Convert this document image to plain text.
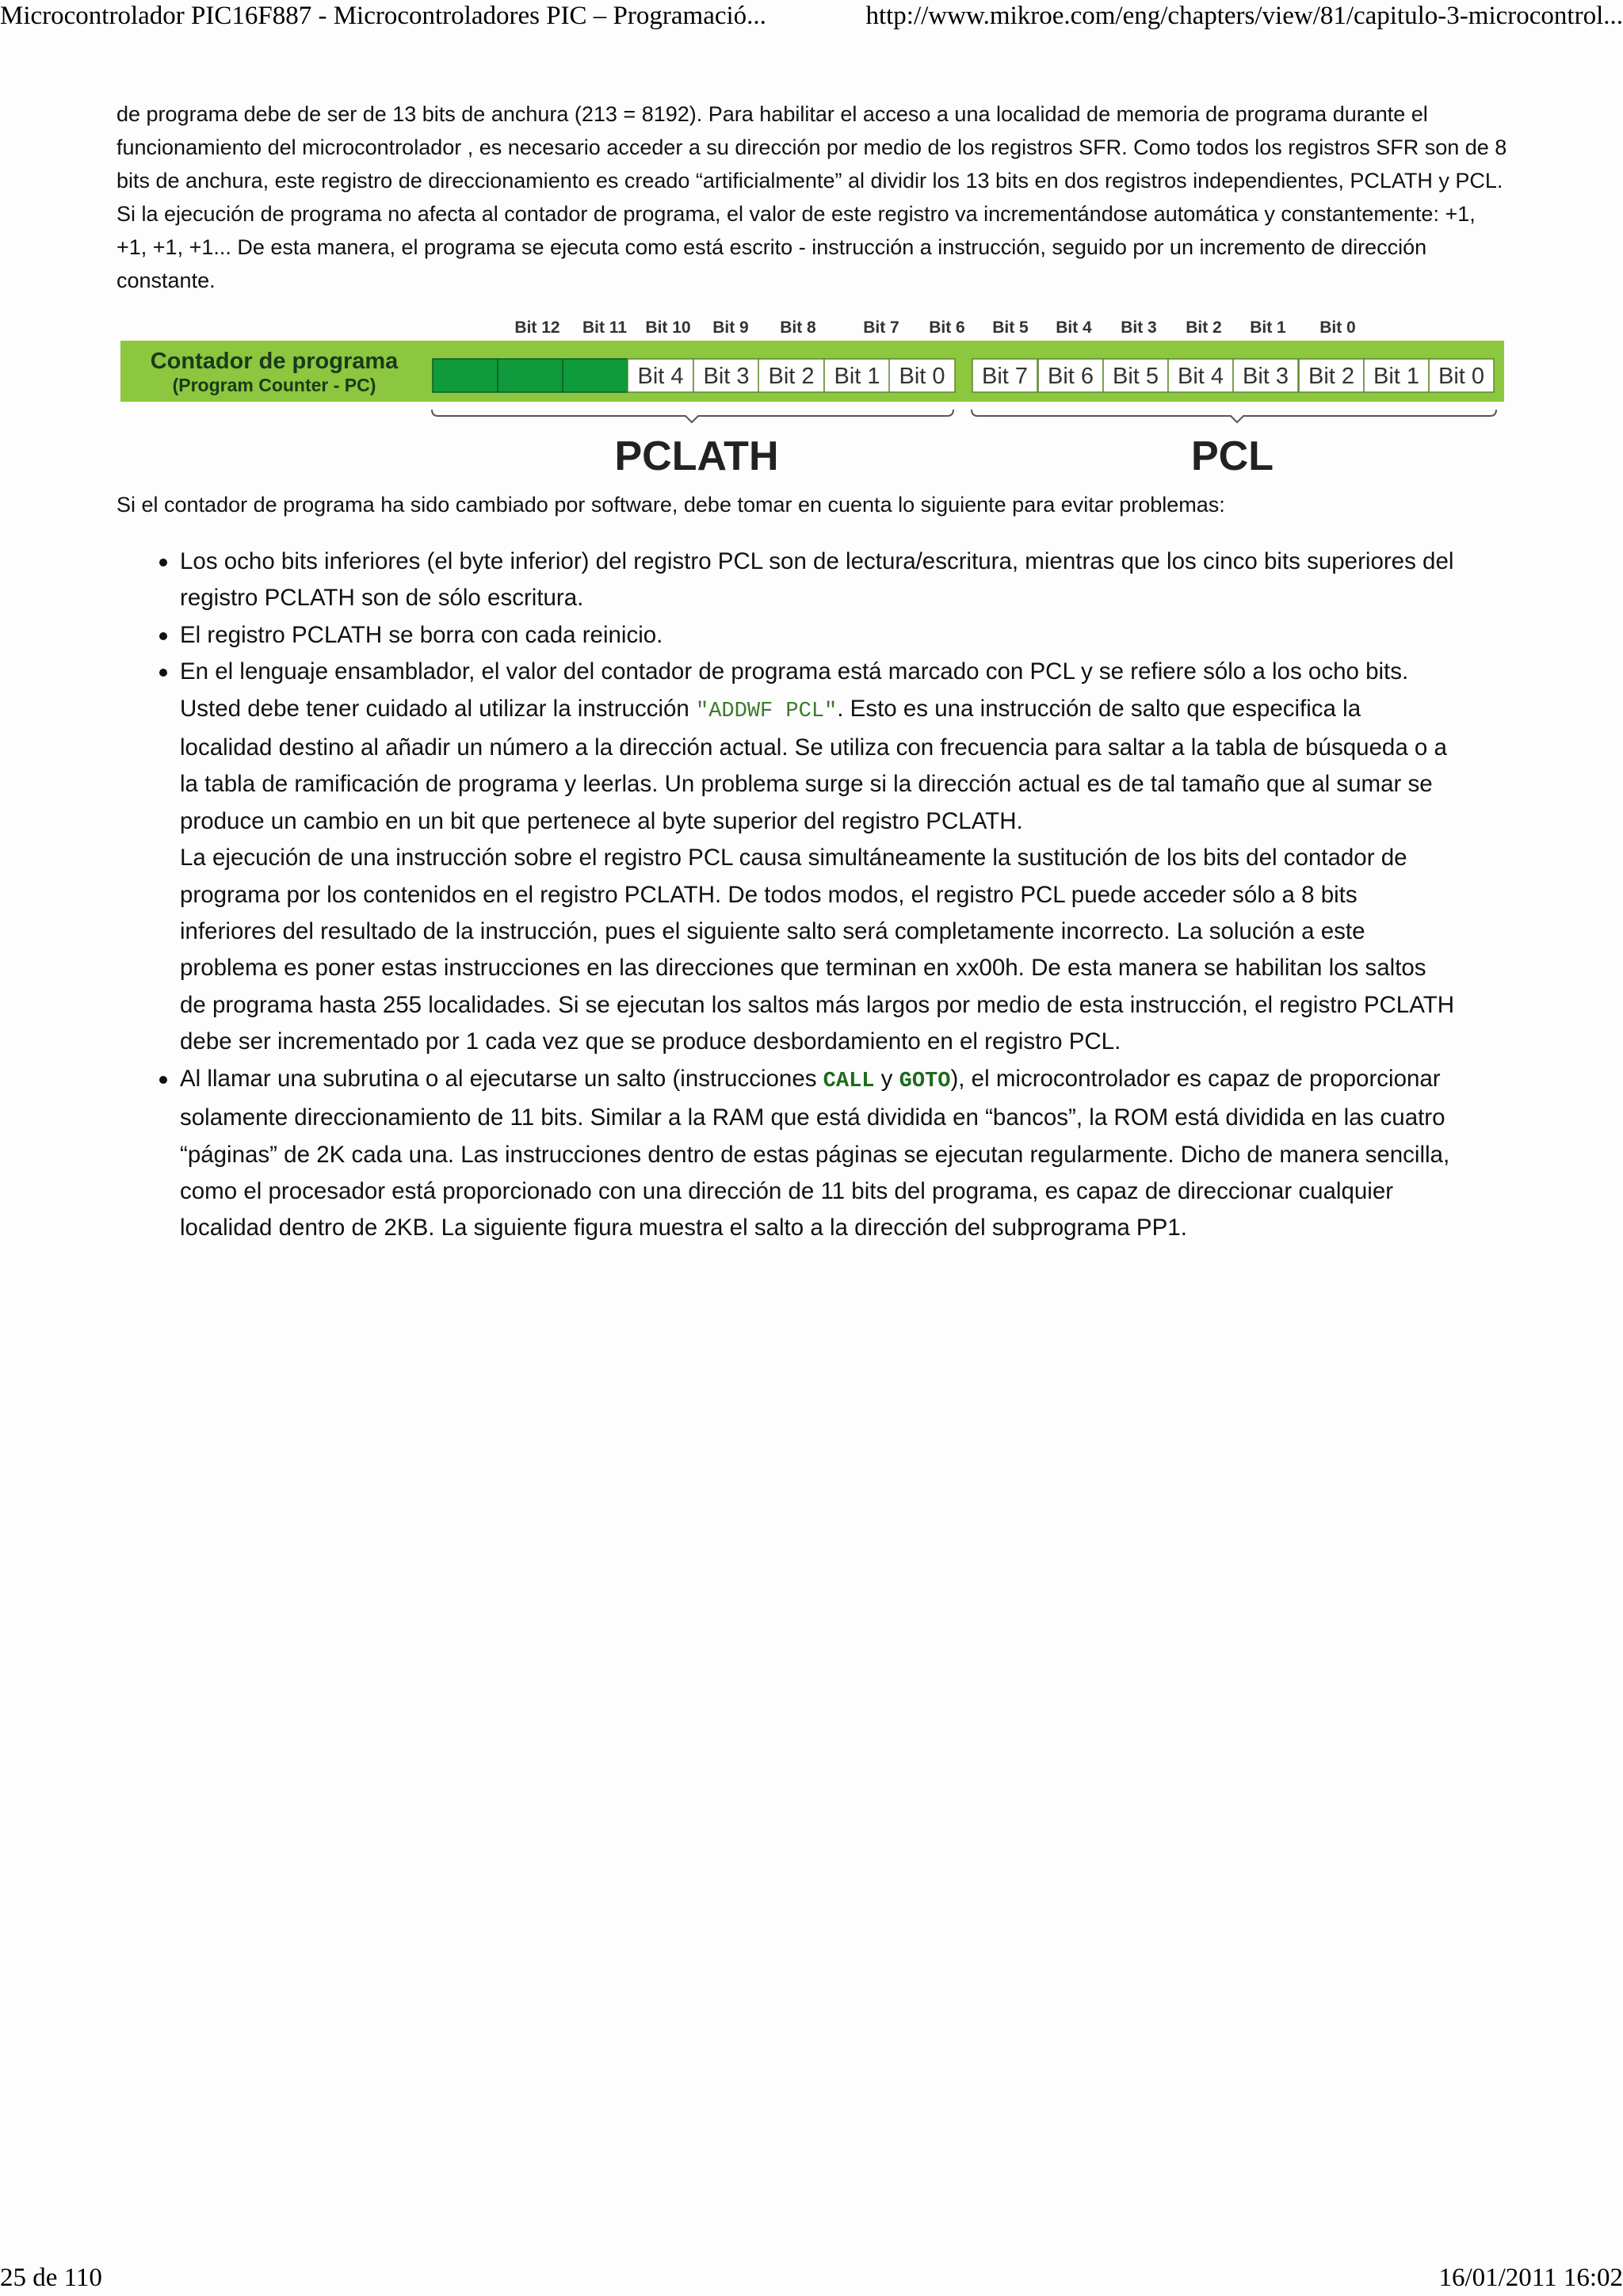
Microcontrolador PIC16F887 - Microcontroladores PIC – Programació...	http://www.mikroe.com/eng/chapters/view/81/capitulo-3-microcontrol...

de programa debe de ser de 13 bits de anchura (213 = 8192). Para habilitar el acceso a una localidad de memoria de programa durante el funcionamiento del microcontrolador , es necesario acceder a su dirección por medio de los registros SFR. Como todos los registros SFR son de 8 bits de anchura, este registro de direccionamiento es creado “artificialmente” al dividir los 13 bits en dos registros independientes, PCLATH y PCL. Si la ejecución de programa no afecta al contador de programa, el valor de este registro va incrementándose automática y constantemente: +1, +1, +1, +1... De esta manera, el programa se ejecuta como está escrito - instrucción a instrucción, seguido por un incremento de dirección constante.

Contador de programa
(Program Counter - PC)
Bit 12 Bit 11 Bit 10 Bit 9 Bit 8	Bit 7 Bit 6 Bit 5 Bit 4 Bit 3 Bit 2 Bit 1 Bit 0
Bit 4 Bit 3 Bit 2 Bit 1 Bit 0 Bit 7 Bit 6 Bit 5 Bit 4 Bit 3 Bit 2 Bit 1 Bit 0
PCLATH	PCL

Si el contador de programa ha sido cambiado por software, debe tomar en cuenta lo siguiente para evitar problemas:

Los ocho bits inferiores (el byte inferior) del registro PCL son de lectura/escritura, mientras que los cinco bits superiores del registro PCLATH son de sólo escritura.
El registro PCLATH se borra con cada reinicio.
En el lenguaje ensamblador, el valor del contador de programa está marcado con PCL y se refiere sólo a los ocho bits. Usted debe tener cuidado al utilizar la instrucción "ADDWF PCL". Esto es una instrucción de salto que especifica la localidad destino al añadir un número a la dirección actual. Se utiliza con frecuencia para saltar a la tabla de búsqueda o a la tabla de ramificación de programa y leerlas. Un problema surge si la dirección actual es de tal tamaño que al sumar se produce un cambio en un bit que pertenece al byte superior del registro PCLATH.
La ejecución de una instrucción sobre el registro PCL causa simultáneamente la sustitución de los bits del contador de programa por los contenidos en el registro PCLATH. De todos modos, el registro PCL puede acceder sólo a 8 bits inferiores del resultado de la instrucción, pues el siguiente salto será completamente incorrecto. La solución a este problema es poner estas instrucciones en las direcciones que terminan en xx00h. De esta manera se habilitan los saltos de programa hasta 255 localidades. Si se ejecutan los saltos más largos por medio de esta instrucción, el registro PCLATH debe ser incrementado por 1 cada vez que se produce desbordamiento en el registro PCL.
Al llamar una subrutina o al ejecutarse un salto (instrucciones CALL y GOTO), el microcontrolador es capaz de proporcionar solamente direccionamiento de 11 bits. Similar a la RAM que está dividida en “bancos”, la ROM está dividida en las cuatro “páginas” de 2K cada una. Las instrucciones dentro de estas páginas se ejecutan regularmente. Dicho de manera sencilla, como el procesador está proporcionado con una dirección de 11 bits del programa, es capaz de direccionar cualquier localidad dentro de 2KB. La siguiente figura muestra el salto a la dirección del subprograma PP1.
25 de 110	16/01/2011 16:02
